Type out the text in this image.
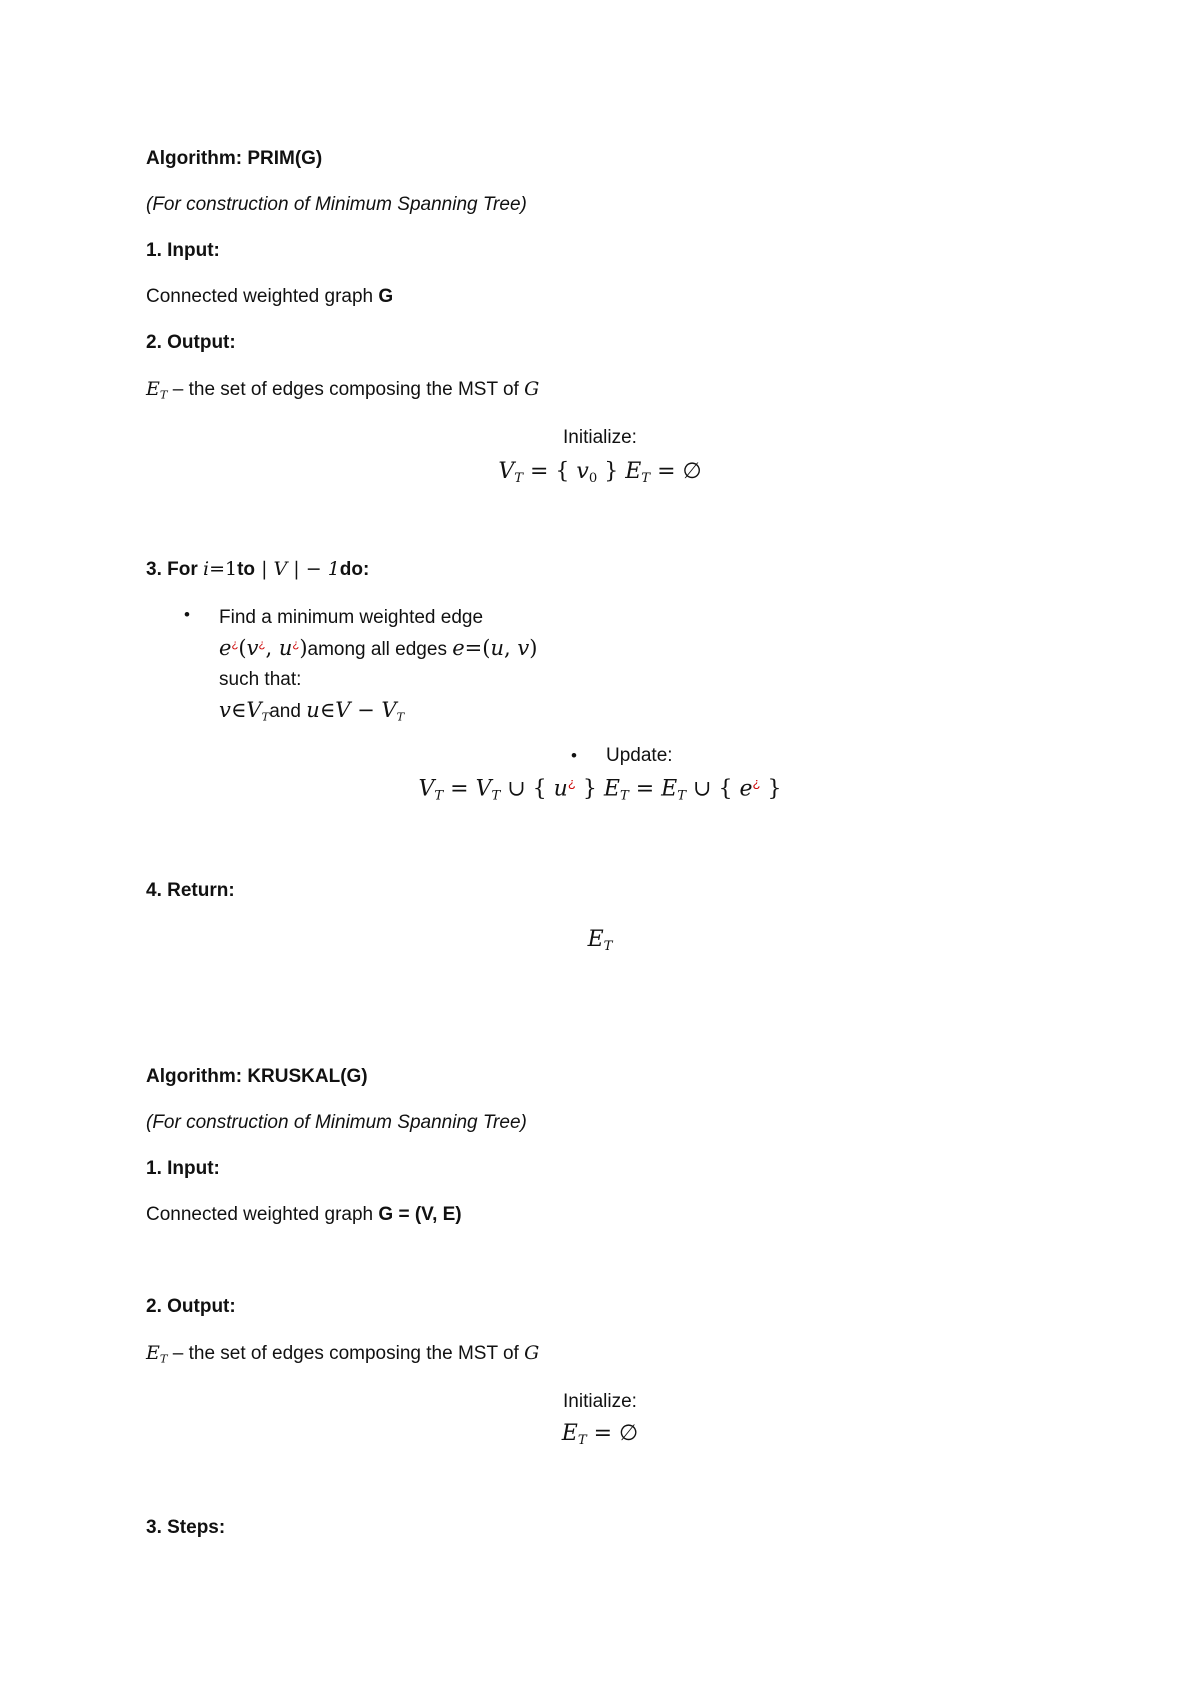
Algorithm: PRIM(G)
(For construction of Minimum Spanning Tree)
1. Input:
Connected weighted graph G
2. Output:
$E_T$ – the set of edges composing the MST of G
Initialize:
$V_T$ = { $v_0$ } $E_T$ = ∅
3. For i=1to | V | − 1do:
• Find a minimum weighted edge
e¿(v¿, u¿)among all edges e=(u, v)
such that:
$v\in V_Tand$ u∈V − $V_T$
• Update:
$V_T = V_T$ ∪ { u¿ } $E_T = E_T$ ∪ { e¿ }
4. Return:
$E_T$
Algorithm: KRUSKAL(G)
(For construction of Minimum Spanning Tree)
1. Input:
Connected weighted graph G = (V, E)
2. Output:
$E_T$ – the set of edges composing the MST of G
Initialize:
$E_T$ = ∅
3. Steps:
